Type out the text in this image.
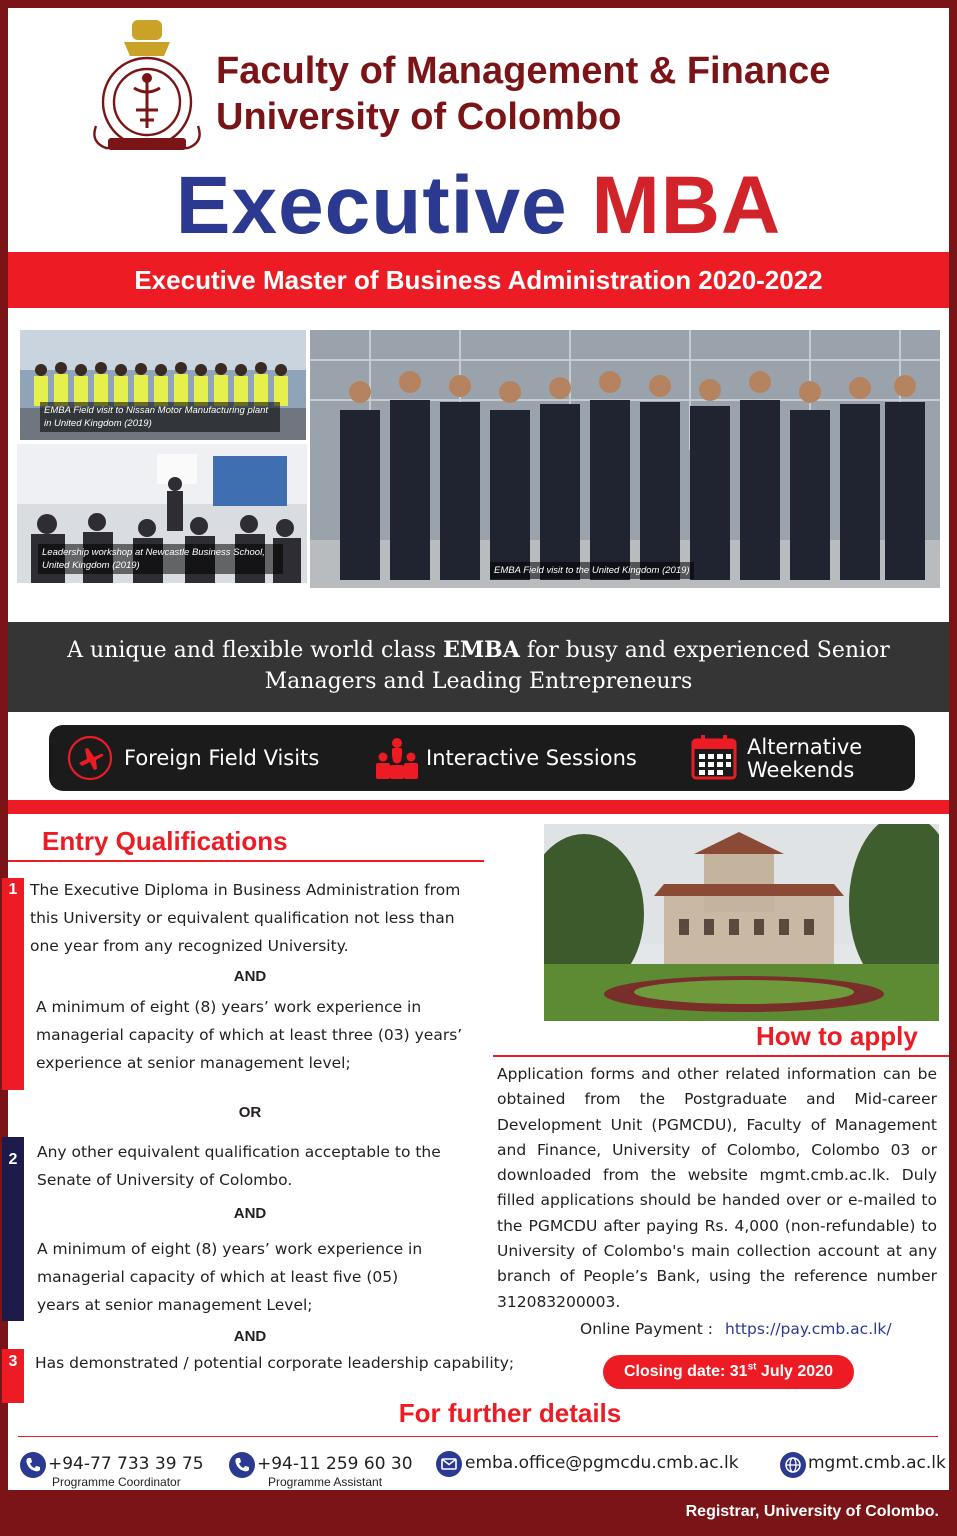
Faculty of Management & Finance
University of Colombo
Executive MBA
Executive Master of Business Administration 2020-2022
EMBA Field visit to Nissan Motor Manufacturing plant in United Kingdom (2019)
Leadership workshop at Newcastle Business School, United Kingdom (2019)	EMBA Field visit to the United Kingdom (2019)
A unique and flexible world class EMBA for busy and experienced Senior Managers and Leading Entrepreneurs
Foreign Field Visits	Interactive Sessions	Alternative
Weekends
Entry Qualifications
1 The Executive Diploma in Business Administration from this University or equivalent qualification not less than one year from any recognized University.
AND
A minimum of eight (8) years’ work experience in managerial capacity of which at least three (03) years’ experience at senior management level;
OR
2	Any other equivalent qualification acceptable to the Senate of University of Colombo.
AND
A minimum of eight (8) years’ work experience in managerial capacity of which at least five (05) years at senior management Level;
AND
3	Has demonstrated / potential corporate leadership capability;
How to apply
Application forms and other related information can be obtained from the Postgraduate and Mid-career Development Unit (PGMCDU), Faculty of Management and Finance, University of Colombo, Colombo 03 or downloaded from the website mgmt.cmb.ac.lk. Duly filled applications should be handed over or e-mailed to the PGMCDU after paying Rs. 4,000 (non-refundable) to University of Colombo's main collection account at any branch of People’s Bank, using the reference number 312083200003.
Online Payment : https://pay.cmb.ac.lk/
Closing date: 31st July 2020
For further details
+94-77 733 39 75
Programme Coordinator
+94-11 259 60 30
Programme Assistant
emba.office@pgmcdu.cmb.ac.lk	mgmt.cmb.ac.lk
Registrar, University of Colombo.
